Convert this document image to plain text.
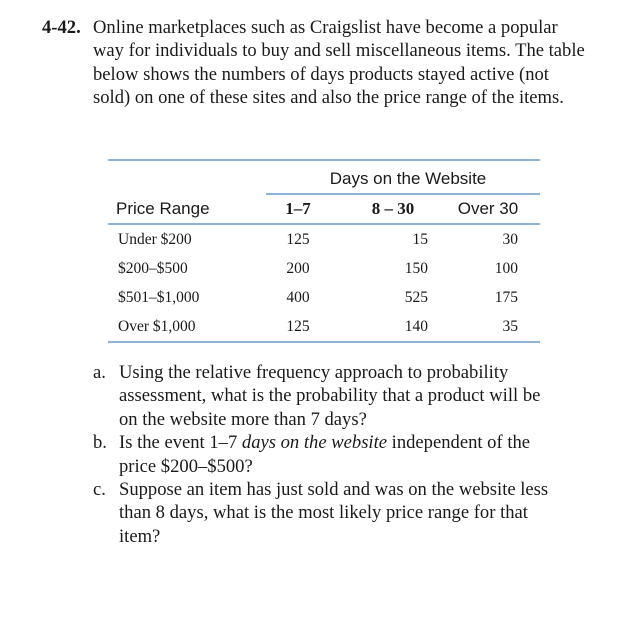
4-42. Online marketplaces such as Craigslist have become a popular way for individuals to buy and sell miscellaneous items. The table below shows the numbers of days products stayed active (not sold) on one of these sites and also the price range of the items.
Days on the Website
Price Range	1–7	8 – 30	Over 30
Under $200	125	15	30
$200–$500	200	150	100
$501–$1,000	400	525	175
Over $1,000	125	140	35
a. Using the relative frequency approach to probability assessment, what is the probability that a product will be on the website more than 7 days?
b. Is the event 1–7 days on the website independent of the price $200–$500?
c. Suppose an item has just sold and was on the website less than 8 days, what is the most likely price range for that item?
